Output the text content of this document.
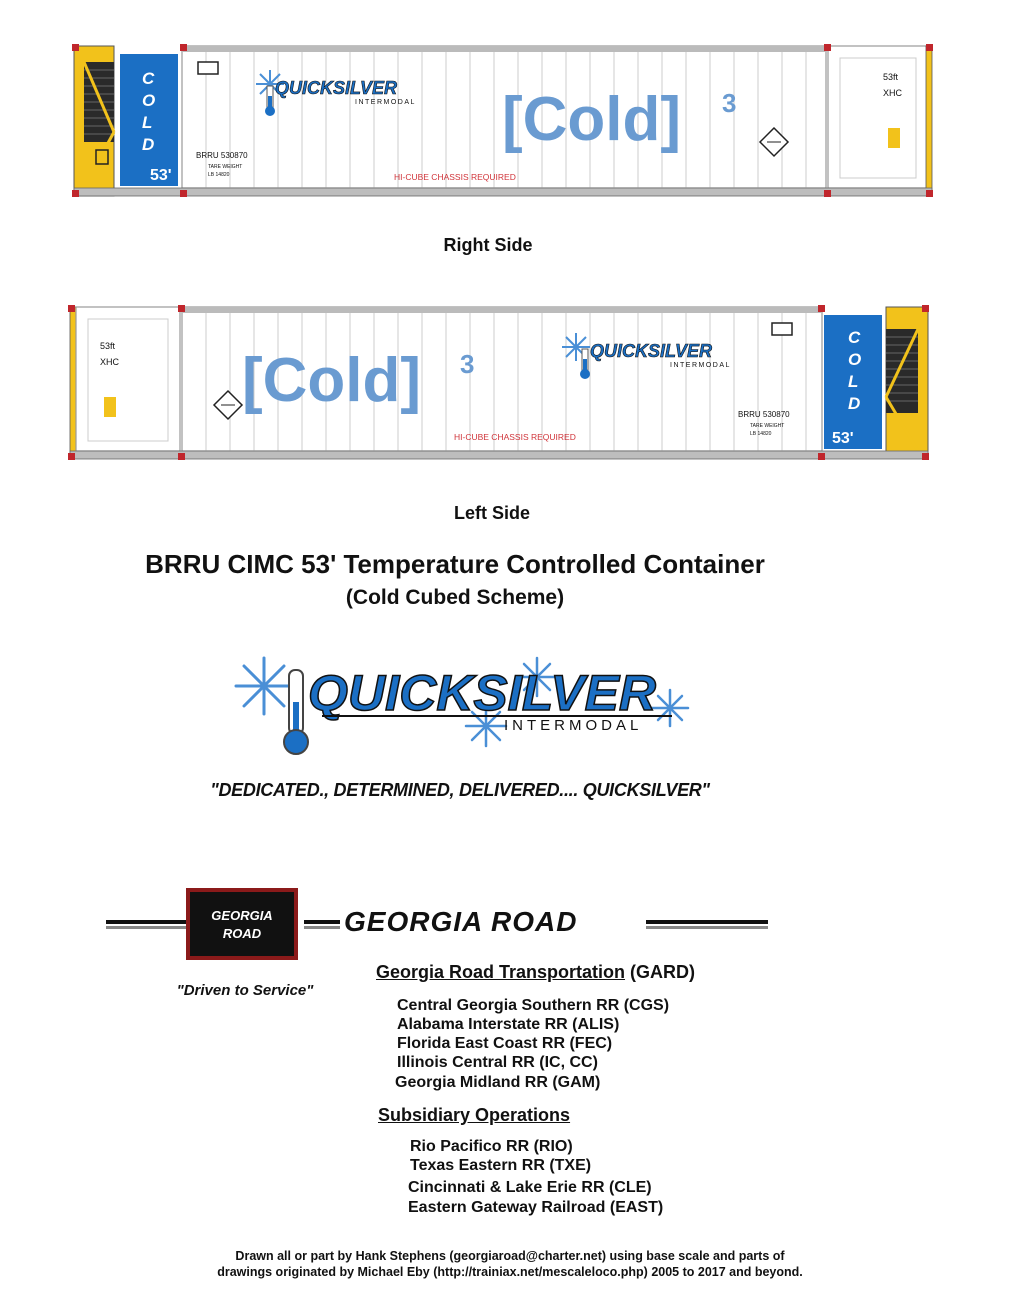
C
O
L
D
53'
QUICKSILVER
INTERMODAL [Cold] 3
BRRU 530870
TARE WEIGHT
LB 14820	HI-CUBE CHASSIS REQUIRED
53ft
XHC
Right Side
53ft
XHC [Cold] 3	QUICKSILVER
INTERMODAL
BRRU 530870
TARE WEIGHT
LB 14820
HI-CUBE CHASSIS REQUIRED
C
O
L
D
53'
Left Side
BRRU CIMC 53' Temperature Controlled Container
(Cold Cubed Scheme)
QUICKSILVER
INTERMODAL
"DEDICATED., DETERMINED, DELIVERED.... QUICKSILVER"
GEORGIA
ROAD	GEORGIA ROAD
"Driven to Service"
Georgia Road Transportation (GARD)
Central Georgia Southern RR (CGS)
Alabama Interstate RR (ALIS)
Florida East Coast RR (FEC)
Illinois Central RR (IC, CC)
Georgia Midland RR (GAM)
Subsidiary Operations
Rio Pacifico RR (RIO)
Texas Eastern RR (TXE)
Cincinnati & Lake Erie RR (CLE)
Eastern Gateway Railroad (EAST)
Drawn all or part by Hank Stephens (georgiaroad@charter.net) using base scale and parts of
drawings originated by Michael Eby (http://trainiax.net/mescaleloco.php) 2005 to 2017 and beyond.
